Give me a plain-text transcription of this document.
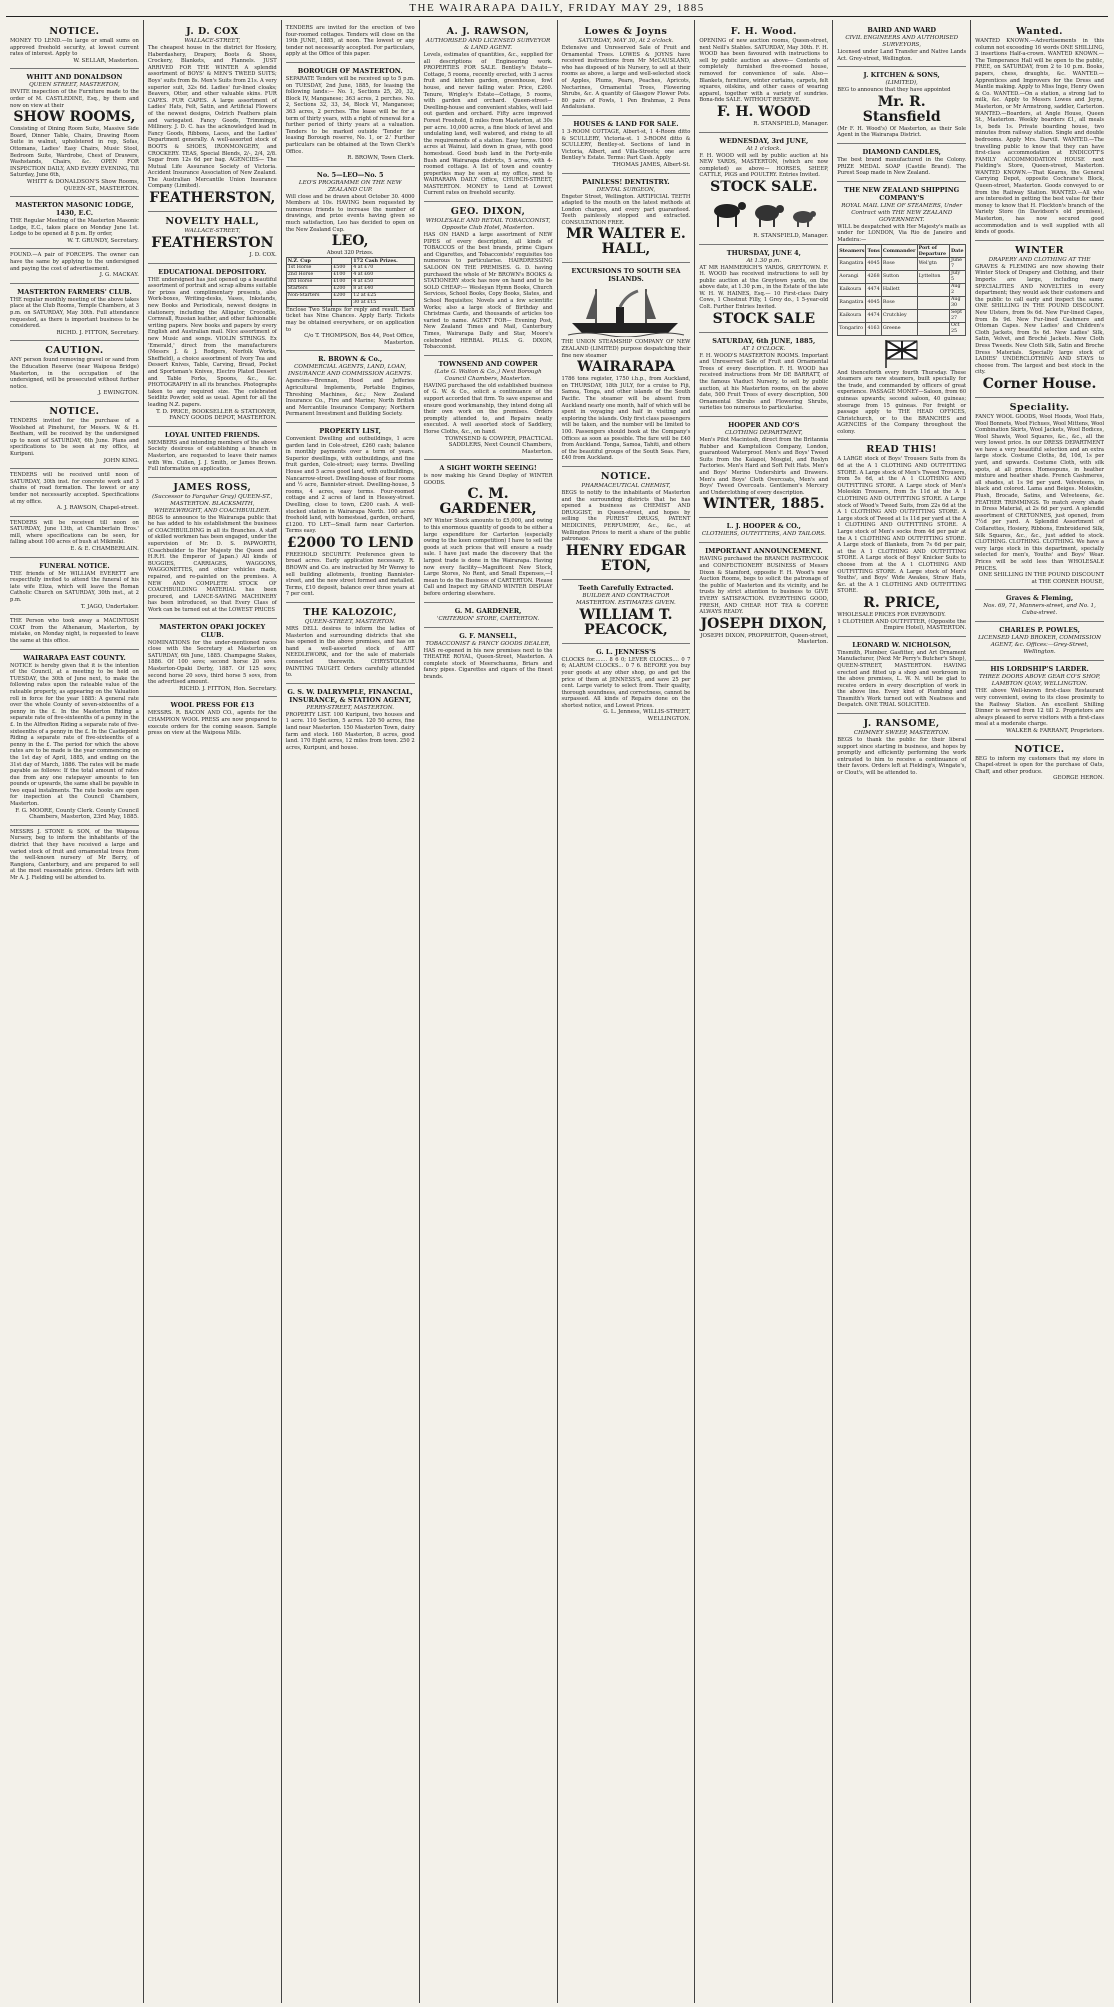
THE WAIRARAPA DAILY, FRIDAY MAY 29, 1885
NOTICE.
MONEY TO LEND.—In large or small sums on approved freehold security, at lowest current rates of interest. Apply to
W. SELLAR, Masterton.
WHITT AND DONALDSON
QUEEN STREET, MASTERTON,
INVITE inspection of the Furniture made to the order of M. CASTLEDINE, Esq., by them and now on view at their
SHOW ROOMS,
Consisting of Dining Room Suite, Massive Side Board, Dinner Table, Chairs, Drawing Room Suite in walnut, upholstered in rep, Sofas, Ottomans, Ladies' Easy Chairs, Music Stool, Bedroom Suite, Wardrobe, Chest of Drawers, Washstands, Chairs, &c. OPEN FOR INSPECTION DAILY, AND EVERY EVENING, Till Saturday, June 6th,
WHITT & DONALDSON'S Show Rooms, QUEEN-ST., MASTERTON.
MASTERTON MASONIC LODGE, 1430, E.C.
THE Regular Meeting of the Masterton Masonic Lodge, E.C., takes place on Monday June 1st. Lodge to be opened at 8 p.m. By order,
W. T. GRUNDY, Secretary.
FOUND.—A pair of FORCEPS. The owner can have the same by applying to the undersigned and paying the cost of advertisement.
J. G. MACKAY.
MASTERTON FARMERS' CLUB.
THE regular monthly meeting of the above takes place at the Club Rooms, Temple Chambers, at 3 p.m. on SATURDAY, May 30th. Full attendance requested, as there is important business to be considered.
RICHD. J. FITTON, Secretary.
CAUTION.
ANY person found removing gravel or sand from the Education Reserve (near Waipoua Bridge) Masterton, in the occupation of the undersigned, will be prosecuted without further notice.
J. EWINGTON.
NOTICE.
TENDERS invited for the purchase of a Woolshed at Pinehurst, for Messrs. W. & H. Beetham, will be received by the undersigned up to noon of SATURDAY, 6th June. Plans and specifications to be seen at my office, at Kuripuni.
JOHN KING.
TENDERS will be received until noon of SATURDAY, 30th inst. for concrete work and 3 chains of road formation. The lowest or any tender not necessarily accepted. Specifications at my office.
A. J. RAWSON, Chapel-street.
TENDERS will be received till noon on SATURDAY, June 13th, at Chamberlain Bros.' mill, where specifications can be seen, for falling about 100 acres of bush at Mikimiki.
E. & E. CHAMBERLAIN.
FUNERAL NOTICE.
THE friends of Mr WILLIAM EVERETT are respectfully invited to attend the funeral of his late wife Eliza, which will leave the Roman Catholic Church on SATURDAY, 30th inst., at 2 p.m.
T. JAGO, Undertaker.
THE Person who took away a MACINTOSH COAT from the Athenæum, Masterton, by mistake, on Monday night, is requested to leave the same at this office.
WAIRARAPA EAST COUNTY.
NOTICE is hereby given that it is the intention of the Council, at a meeting to be held on TUESDAY, the 30th of June next, to make the following rates upon the rateable value of the rateable property, as appearing on the Valuation roll in force for the year 1885: A general rate over the whole County of seven-sixteenths of a penny in the £. In the Masterton Riding a separate rate of five-sixteenths of a penny in the £. In the Alfredton Riding a separate rate of five-sixteenths of a penny in the £. In the Castlepoint Riding a separate rate of five-sixteenths of a penny in the £. The period for which the above rates are to be made is the year commencing on the 1st day of April, 1885, and ending on the 31st day of March, 1886. The rates will be made payable as follows: If the total amount of rates due from any one ratepayer amounts to ten pounds or upwards, the same shall be payable in two equal instalments. The rate books are open for inspection at the Council Chambers, Masterton.
F. G. MOORE, County Clerk. County Council Chambers, Masterton, 23rd May, 1885.
MESSRS J. STONE & SON, of the Waipoua Nursery, beg to inform the inhabitants of the district that they have received a large and varied stock of fruit and ornamental trees from the well-known nursery of Mr Berry, of Rangiora, Canterbury, and are prepared to sell at the most reasonable prices. Orders left with Mr A. J. Fielding will be attended to.
J. D. COX
WALLACE-STREET,
The cheapest house in the district for Hosiery, Haberdashery, Drapery, Boots & Shoes, Crockery, Blankets, and Flannels. JUST ARRIVED FOR THE WINTER A splendid assortment of BOYS' & MEN'S TWEED SUITS; Boys' suits from 8s. Men's Suits from 21s. A very superior suit, 32s 6d. Ladies' fur-lined cloaks; Beavers, Otter, and other valuable skins. FUR CAPES. FUR CAPES. A large assortment of Ladies' Hats, Felt, Satin, and Artificial Flowers of the newest designs, Ostrich Feathers plain and variegated. Fancy Goods, Trimmings, Millinery. J. D. C. has the acknowledged lead in Fancy Goods, Ribbons, Laces, and the Ladies' Department generally. A well-assorted stock of BOOTS & SHOES, IRONMONGERY, and CROCKERY. TEAS, Special Blends, 2/-, 2/4, 2/8. Sugar from 12s 6d per bag. AGENCIES— The Mutual Life Assurance Society of Victoria. Accident Insurance Association of New Zealand. The Australian Mercantile Union Insurance Company (Limited).
FEATHERSTON,
NOVELTY HALL,
WALLACE-STREET,
FEATHERSTON
J. D. COX.
EDUCATIONAL DEPOSITORY.
THE undersigned has just opened up a beautiful assortment of portrait and scrap albums suitable for prizes and complimentary presents, also Work-boxes, Writing-desks, Vases, Inkstands, new Books and Periodicals, newest designs in stationery, including the Alligator, Crocodile, Cornwall, Russian leather, and other fashionable writing papers. New books and papers by every English and Australian mail. Nice assortment of new Music and songs. VIOLIN STRINGS. Ex 'Emerald,' direct from the manufacturers (Messrs J. & J. Rodgers, Norfolk Works, Sheffield), a choice assortment of Ivory Tea and Dessert Knives, Table, Carving, Bread, Pocket and Sportsman's Knives, Electro Plated Dessert and Table Forks, Spoons, &c., &c. PHOTOGRAPHY in all its branches. Photographs taken to any required size. The celebrated Seidlitz Powder, sold as usual. Agent for all the leading N.Z. papers.
T. D. PRICE, BOOKSELLER & STATIONER, FANCY GOODS DEPOT, MASTERTON.
LOYAL UNITED FRIENDS.
MEMBERS and intending members of the above Society desirous of establishing a branch in Masterton, are requested to leave their names with Wm. Cullen, J. J. Smith, or James Brown. Full information on application.
JAMES ROSS,
(Successor to Farquhar Gray) QUEEN-ST., MASTERTON. BLACKSMITH, WHEELWRIGHT, AND COACHBUILDER.
BEGS to announce to the Wairarapa public that he has added to his establishment the business of COACHBUILDING in all its Branches. A staff of skilled workmen has been engaged, under the supervision of Mr. D. S. PAPWORTH, (Coachbuilder to Her Majesty the Queen and H.R.H. the Emperor of Japan.) All kinds of BUGGIES, CARRIAGES, WAGGONS, WAGGONETTES, and other vehicles made, repaired, and re-painted on the premises. A NEW AND COMPLETE STOCK OF COACHBUILDING MATERIAL has been procured, and LANCE-SAVING MACHINERY has been introduced, so that Every Class of Work can be turned out at the LOWEST PRICES
MASTERTON OPAKI JOCKEY CLUB.
NOMINATIONS for the under-mentioned races close with the Secretary at Masterton on SATURDAY, 6th June, 1885. Champagne Stakes, 1886. Of 100 sovs; second horse 20 sovs. Masterton-Opaki Derby, 1887. Of 125 sovs; second horse 20 sovs, third horse 5 sovs, from the advertised amount.
RICHD. J. FITTON, Hon. Secretary.
WOOL PRESS FOR £13
MESSRS. R. BACON AND CO., agents for the CHAMPION WOOL PRESS are now prepared to execute orders for the coming season. Sample press on view at the Waipoua Mills.
TENDERS are invited for the erection of two four-roomed cottages. Tenders will close on the 19th JUNE, 1885, at noon. The lowest or any tender not necessarily accepted. For particulars, apply at the Office of this paper.
BOROUGH OF MASTERTON.
SEPARATE Tenders will be received up to 5 p.m. on TUESDAY, 2nd June, 1885, for leasing the following lands:— No. 1, Sections 25, 20, 32, Block IV, Manganese; 363 acres, 2 perches. No. 2, Sections 32, 33, 34, Block VI, Manganese; 363 acres, 2 perches. The lease will be for a term of thirty years, with a right of renewal for a further period of thirty years at a valuation. Tenders to be marked outside 'Tender for leasing Borough reserve, No. 1, or 2.' Further particulars can be obtained at the Town Clerk's Office.
R. BROWN, Town Clerk.
No. 5—LEO—No. 5
LEO'S PROGRAMME ON THE NEW ZEALAND CUP.
Will close and be drawn about October 30. 4000 Members at 10s. HAVING been requested by numerous friends to increase the number of drawings, and prize events having given so much satisfaction, Leo has decided to open on the New Zealand Cup.
LEO,
About 320 Prizes.
N.Z. Cup		172 Cash Prizes.
1st Horse	£500	4 at £70
2nd Horse	£100	4 at £60
3rd Horse	£100	4 at £50
Starters	£200	8 at £40
Non-Starters	£200	12 at £25
		30 at £15
Enclose Two Stamps for reply and result. Each ticket has Nine Chances. Apply Early. Tickets may be obtained everywhere, or on application to
C/o T. THOMPSON, Box 44, Post Office, Masterton.
R. BROWN & Co.,
COMMERCIAL AGENTS, LAND, LOAN, INSURANCE AND COMMISSION AGENTS.
Agencies—Brennan, Hood and Jefferies Agricultural Implements, Portable Engines, Threshing Machines, &c.; New Zealand Insurance Co., Fire and Marine; North British and Mercantile Insurance Company; Northern Permanent Investment and Building Society.
PROPERTY LIST,
Convenient Dwelling and outbuildings, 1 acre garden land in Cole-street, £260 cash; balance in monthly payments over a term of years. Superior dwellings, with outbuildings, and fine fruit garden, Cole-street; easy terms. Dwelling House and 5 acres good land, with outbuildings, Nancarrow-street. Dwelling-house of four rooms and ½ acre, Bannister-street. Dwelling-house, 5 rooms, 4 acres, easy terms. Four-roomed cottage and 2 acres of land in Hessey-street. Dwelling, close to town, £200 cash. A well-stocked station in Wairarapa North. 100 acres freehold land, with homestead, garden, orchard, £1200. TO LET—Small farm near Carterton. Terms easy.
£2000 TO LEND
FREEHOLD SECURITY. Preference given to broad acres. Early application necessary. R. BROWN and Co. are instructed by Mr Wenwy to sell building allotments, fronting Bannister-street, and the new street formed and metalled. Terms, £10 deposit, balance over three years at 7 per cent.
THE KALOZOIC,
QUEEN-STREET, MASTERTON.
MRS DELL desires to inform the ladies of Masterton and surrounding districts that she has opened in the above premises, and has on hand a well-assorted stock of ART NEEDLEWORK, and for the sale of materials connected therewith. CHRYSTOLEUM PAINTING TAUGHT. Orders carefully attended to.
G. S. W. DALRYMPLE, FINANCIAL, INSURANCE, & STATION AGENT,
PERRY-STREET, MASTERTON.
PROPERTY LIST. 100 Kuripuni, two houses and 1 acre. 110 Section, 5 acres. 120 50 acres, fine land near Masterton. 150 Masterton Town, dairy farm and stock. 160 Masterton, 8 acres, good land. 170 Eight acres, 12 miles from town. 250 2 acres, Kuripuni, and house.
A. J. RAWSON,
AUTHORISED AND LICENSED SURVEYOR & LAND AGENT.
Levels, estimates of quantities, &c., supplied for all descriptions of Engineering work. PROPERTIES FOR SALE. Bentley's Estate—Cottage, 5 rooms, recently erected, with 3 acres fruit and kitchen garden, greenhouse, fowl house, and never failing water. Price, £260. Tenure, Wrigley's Estate—Cottage, 5 rooms, with garden and orchard. Queen-street—Dwelling-house and convenient stables, well laid out garden and orchard. Fifty acre improved Forest Freehold, 8 miles from Masterton, at 30s per acre. 10,000 acres, a fine block of level and undulating land, well watered, and rising to all the requirements of a station. Easy terms. 1000 acres at Wainui, laid down in grass, with good homestead. Good bush land in the Forty-mile Bush and Wairarapa districts, 5 acres, with 4-roomed cottage. A list of town and country properties may be seen at my office, next to WAIRARAPA DAILY Office, CHURCH-STREET, MASTERTON. MONEY to Lend at Lowest Current rates on freehold security.
GEO. DIXON,
WHOLESALE AND RETAIL TOBACCONIST, Opposite Club Hotel, Masterton.
HAS ON HAND a large assortment of NEW PIPES of every description, all kinds of TOBACCOS of the best brands, prime Cigars and Cigarettes, and Tobacconists' requisites too numerous to particularise. HAIRDRESSING SALOON ON THE PREMISES. G. D. having purchased the whole of Mr BROWN's BOOKS & STATIONERY stock has now on hand and to be SOLD CHEAP:— Wesleyan Hymn Books, Church Services, School Books, Copy Books, Slates, and School Requisites; Novels and a few scientific Works; also a large stock of Birthday and Christmas Cards, and thousands of articles too varied to name. AGENT FOR— Evening Post, New Zealand Times and Mail, Canterbury Times, Wairarapa Daily and Star, Moore's celebrated HERBAL PILLS. G. DIXON, Tobacconist.
TOWNSEND AND COWPER
(Late G. Walton & Co.,) Next Borough Council Chambers, Masterton.
HAVING purchased the old established business of G. W. & Co., solicit a continuance of the support accorded that firm. To save expense and ensure good workmanship, they intend doing all their own work on the premises. Orders promptly attended to, and Repairs neatly executed. A well assorted stock of Saddlery, Horse Cloths, &c., on hand.
TOWNSEND & COWPER, PRACTICAL SADDLERS, Next Council Chambers, Masterton.
A SIGHT WORTH SEEING!
is now making his Grand Display of WINTER GOODS.
C. M. GARDENER,
MY Winter Stock amounts to £5,000, and owing to this enormous quantity of goods to be either a large expenditure for Carterton (especially owing to the keen competition) I have to sell the goods at such prices that will ensure a ready sale. I have just made the discovery that the largest trade is done in the Wairarapa. Having now every facility—Magnificent New Stock, Large Stores, No Rent, and Small Expenses,—I mean to do the Business of CARTERTON. Please Call and Inspect my GRAND WINTER DISPLAY before ordering elsewhere.
G. M. GARDENER,
'CRITERION' STORE, CARTERTON.
G. F. MANSELL,
TOBACCONIST & FANCY GOODS DEALER,
HAS re-opened in his new premises next to the THEATRE ROYAL, Queen-Street, Masterton. A complete stock of Meerschaums, Briars and fancy pipes. Cigarettes and cigars of the finest brands.
Lowes & Joyns
SATURDAY, MAY 30, At 2 o'clock.
Extensive and Unreserved Sale of Fruit and Ornamental Trees. LOWES & JOYNS have received instructions from Mr McCAUSLAND, who has disposed of his Nursery, to sell at their rooms as above, a large and well-selected stock of Apples, Plums, Pears, Peaches, Apricots, Nectarines, Ornamental Trees, Flowering Shrubs, &c. A quantity of Glasgow Flower Pots. 80 pairs of Fowls, 1 Pen Brahmas, 2 Pens Andalusians.
HOUSES & LAND FOR SALE.
1 3-ROOM COTTAGE, Albert-st, 1 4-Room ditto & SCULLERY, Victoria-st. 1 3-ROOM ditto & SCULLERY, Bentley-st. Sections of land in Victoria, Albert, and Villa-Streets; one acre Bentley's Estate. Terms: Part Cash. Apply
THOMAS JAMES, Albert-St.
PAINLESS! DENTISTRY.
DENTAL SURGEON,
Engeter Street, Wellington. ARTIFICIAL TEETH adapted to the mouth on the latest methods at London charges, and every part guaranteed. Teeth painlessly stopped and extracted. CONSULTATION FREE.
MR WALTER E. HALL,
EXCURSIONS TO SOUTH SEA ISLANDS.
THE UNION STEAMSHIP COMPANY OF NEW ZEALAND (LIMITED) purpose despatching their fine new steamer
WAIRARAPA
1786 tons register, 1750 i.h.p., from Auckland, on THURSDAY, 18th JULY, for a cruise to Fiji, Samoa, Tonga, and other islands of the South Pacific. The steamer will be absent from Auckland nearly one month, half of which will be spent in voyaging and half in visiting and exploring the islands. Only first class passengers will be taken, and the number will be limited to 100. Passengers should book at the Company's Offices as soon as possible. The fare will be £40 from Auckland. Tonga, Samoa, Tahiti, and others of the beautiful groups of the South Seas. Fare, £40 from Auckland.
NOTICE.
PHARMACEUTICAL CHEMIST,
BEGS to notify to the inhabitants of Masterton and the surrounding districts that he has opened a business as CHEMIST AND DRUGGIST, in Queen-street, and hopes by selling the PUREST DRUGS, PATENT MEDICINES, PERFUMERY, &c., &c., at Wellington Prices to merit a share of the public patronage.
HENRY EDGAR ETON,
Teeth Carefully Extracted.
BUILDER AND CONTRACTOR MASTERTON. ESTIMATES GIVEN.
WILLIAM T. PEACOCK,
G. L. JENNESS'S
CLOCKS for........ 8 6 0; LEVER CLOCKS.... 0 7 6; ALARUM CLOCKS... 0 7 6. BEFORE you buy your goods at any other shop, go and get the price of them at JENNESS'S, and save 25 per cent. Large variety to select from. Their quality, thorough soundness, and correctness, cannot be surpassed. All kinds of Repairs done on the shortest notice, and Lowest Prices.
G. L. Jenness, WILLIS-STREET, WELLINGTON.
F. H. Wood.
OPENING of new auction rooms, Queen-street, next Neill's Stables. SATURDAY, May 30th. F. H. WOOD has been favoured with instructions to sell by public auction as above— Contents of completely furnished five-roomed house, removed for convenience of sale. Also— Blankets, furniture, winter curtains, carpets, felt squares, oilskins, and other cases of wearing apparel, together with a variety of sundries. Bona-fide SALE. WITHOUT RESERVE.
F. H. WOOD
R. STANSFIELD, Manager.
WEDNESDAY, 3rd JUNE,
At 1 o'clock.
F. H. WOOD will sell by public auction at his NEW YARDS, MASTERTON, (which are now completed) as above— HORSES, SHEEP, CATTLE, PIGS and POULTRY. Entries Invited.
STOCK SALE.
R. STANSFIELD, Manager.
THURSDAY, JUNE 4,
At 1.30 p.m.
AT MR HAMMERICH'S YARDS, GREYTOWN. F. H. WOOD has received instructions to sell by public auction at the Greytown yards, on the above date, at 1.30 p.m., in the Estate of the late W. H. W. HAINES, Esq.— 10 First-class Dairy Cows, 1 Chestnut Filly, 1 Grey do., 1 5-year-old Colt. Further Entries Invited.
STOCK SALE
SATURDAY, 6th JUNE, 1885,
AT 1 O'CLOCK.
F. H. WOOD'S MASTERTON ROOMS. Important and Unreserved Sale of Fruit and Ornamental Trees of every description. F. H. WOOD has received instructions from Mr DE BARRATT, of the famous Viaduct Nursery, to sell by public auction, at his Masterton rooms, on the above date, 500 Fruit Trees of every description, 500 Ornamental Shrubs and Flowering Shrubs, varieties too numerous to particularise.
HOOPER AND CO'S
CLOTHING DEPARTMENT,
Men's Pilot Macintosh, direct from the Britannia Rubber and Kamptulicon Company, London, guaranteed Waterproof. Men's and Boys' Tweed Suits from the Kaiapoi, Mosgiel, and Roslyn Factories. Men's Hard and Soft Felt Hats. Men's and Boys' Merino Undershirts and Drawers. Men's and Boys' Cloth Overcoats, Men's and Boys' Tweed Overcoats. Gentlemen's Mercery and Underclothing of every description.
WINTER, 1885.
L. J. HOOPER & CO.,
CLOTHIERS, OUTFITTERS, AND TAILORS.
IMPORTANT ANNOUNCEMENT.
HAVING purchased the BRANCH PASTRYCOOK and CONFECTIONERY BUSINESS of Messrs Dixon & Stamford, opposite F. H. Wood's new Auction Rooms, begs to solicit the patronage of the public of Masterton and its vicinity, and he trusts by strict attention to business to GIVE EVERY SATISFACTION. EVERYTHING GOOD, FRESH, AND CHEAP. HOT TEA & COFFEE ALWAYS READY.
JOSEPH DIXON,
JOSEPH DIXON, PROPRIETOR, Queen-street, Masterton.
BAIRD AND WARD
CIVIL ENGINEERS AND AUTHORISED SURVEYORS,
Licensed under Land Transfer and Native Lands Act. Grey-street, Wellington.
J. KITCHEN & SONS,
(LIMITED),
BEG to announce that they have appointed
Mr. R. Stansfield
(Mr F. H. Wood's) Of Masterton, as their Sole Agent in the Wairarapa District.
DIAMOND CANDLES,
The best brand manufactured in the Colony. PRIZE MEDAL SOAP (Castile Brand). The Purest Soap made in New Zealand.
THE NEW ZEALAND SHIPPING COMPANY'S
ROYAL MAIL LINE OF STEAMERS, Under Contract with THE NEW ZEALAND GOVERNMENT.
WILL be despatched with Her Majesty's mails as under for LONDON, Via Rio de Janeiro and Madeira:—
Steamers	Tons	Commander	Port of Departure	Date
Rangatira	4045	Rose	Wel'gtn	June 7
Aorangi	4268	Sutton	Lyttelton	July 5
Kaikoura	4474	Hallett		Aug 2
Rangatira	4045	Rose		Aug 30
Kaikoura	4474	Crutchley		Sept 27
Tongariro	4163	Greene		Oct 25
And thenceforth every fourth Thursday. These steamers are new steamers, built specially for the trade, and commanded by officers of great experience. PASSAGE MONEY—Saloon, from 60 guineas upwards; second saloon, 40 guineas; steerage from 15 guineas. For freight or passage apply to THE HEAD OFFICES, Christchurch, or to the BRANCHES and AGENCIES of the Company throughout the colony.
READ THIS!
A LARGE stock of Boys' Trousers Suits from 8s 6d at the A 1 CLOTHING AND OUTFITTING STORE. A Large stock of Men's Tweed Trousers, from 5s 6d, at the A 1 CLOTHING AND OUTFITTING STORE. A Large stock of Men's Moleskin Trousers, from 5s 11d at the A 1 CLOTHING AND OUTFITTING STORE. A Large stock of Wood's Tweed Suits, from 22s 6d at the A 1 CLOTHING AND OUTFITTING STORE. A Large stock of Tweed at 1s 11d per yard at the A 1 CLOTHING AND OUTFITTING STORE. A Large stock of Men's socks from 4d per pair at the A 1 CLOTHING AND OUTFITTING STORE. A Large stock of Blankets, from 7s 6d per pair, at the A 1 CLOTHING AND OUTFITTING STORE. A Large stock of Boys' Knicker Suits to choose from at the A 1 CLOTHING AND OUTFITTING STORE. A Large stock of Men's Youths', and Boys' Wide Awakes, Straw Hats, &c. at the A 1 CLOTHING AND OUTFITTING STORE.
R. PRICE,
WHOLESALE PRICES FOR EVERYBODY.
1 CLOTHIER AND OUTFITTER, (Opposite the Empire Hotel), MASTERTON.
LEONARD W. NICHOLSON,
Tinsmith, Plumber, Gasfitter, and Art Ornament Manufacturer, (Next Mr Perry's Butcher's Shop), QUEEN-STREET, MASTERTON. HAVING erected and fitted up a shop and workroom in the above premises, L. W. N. will be glad to receive orders in every description of work in the above line. Every kind of Plumbing and Tinsmith's Work turned out with Neatness and Despatch. ONE TRIAL SOLICITED.
J. RANSOME,
CHIMNEY SWEEP, MASTERTON.
BEGS to thank the public for their liberal support since starting in business, and hopes by promptly and efficiently performing the work entrusted to him to receive a continuance of their favors. Orders left at Fielding's, Wingate's, or Clout's, will be attended to.
Wanted.
WANTED KNOWN.—Advertisements in this column not exceeding 16 words ONE SHILLING, 3 insertions Half-a-crown. WANTED KNOWN.—The Temperance Hall will be open to the public, FREE, on SATURDAY, from 2 to 10 p.m. Books, papers, chess, draughts, &c. WANTED.—Apprentices and Improvers for the Dress and Mantle making. Apply to Miss Inge, Henry Owen & Co. WANTED.—On a station, a strong lad to milk, &c. Apply to Messrs Lowes and Joyns, Masterton, or Mr Armstrong, saddler, Carterton. WANTED.—Boarders, at Angle House, Queen St., Masterton. Weekly boarders £1, all meals 1s, beds 1s. Private boarding house, two minutes from railway station. Single and double bedrooms. Apply Mrs. Darvill. WANTED.—The travelling public to know that they can have first-class accommodation at ENDICOTT'S FAMILY ACCOMMODATION HOUSE next Fielding's Store, Queen-street, Masterton. WANTED KNOWN.—That Kearns, the General Carrying Depot, opposite Cochrane's Block, Queen-street, Masterton. Goods conveyed to or from the Railway Station. WANTED.—All who are interested in getting the best value for their money to know that H. Fleckton's branch of the Variety Store (in Davidson's old premises), Masterton, has now secured good accommodation and is well supplied with all kinds of goods.
WINTER
DRAPERY AND CLOTHING AT THE
GRAVES & FLEMING are now showing their Winter Stock of Drapery and Clothing, and their Imports are large, including many SPECIALITIES AND NOVELTIES in every department; they would ask their customers and the public to call early and inspect the same. ONE SHILLING IN THE POUND DISCOUNT. New Ulsters, from 9s 6d. New Fur-lined Capes, from 8s 9d. New Fur-lined Cashmere and Ottoman Capes. New Ladies' and Children's Cloth Jackets, from 5s 6d. New Ladies' Silk, Satin, Velvet, and Broché Jackets. New Cloth Dress Tweeds. New Cloth Silk, Satin and Broche Dress Materials. Specially large stock of LADIES' UNDERCLOTHING AND STAYS to choose from. The largest and best stock in the city.
Corner House.
Speciality.
FANCY WOOL GOODS, Wool Hoods, Wool Hats, Wool Bonnets, Wool Fichues, Wool Mittens, Wool Combination Skirts, Wool Jackets, Wool Bodices, Wool Shawls, Wool Squares, &c., &c., all the very lowest price. In our DRESS DEPARTMENT we have a very beautiful selection and an extra large stock. Costume Cloths, 8d, 10d, 1s per yard, and upwards. Costume Cloth, with silk spots, at all prices. Homespuns, in heather mixture and heather shade. French Cashmeres, all shades, at 1s 9d per yard. Velveteens, in black and colored. Lama and Beiges. Moleskin, Plush, Brocade, Satins, and Velveteens, &c. FEATHER TRIMMINGS. To match every shade in Dress Material, at 2s 6d per yard. A splendid assortment of CRETONNES, just opened, from 7½d per yard. A Splendid Assortment of Collarettes, Hosiery, Ribbons, Embroidered Silk, Silk Squares, &c., &c., just added to stock. CLOTHING. CLOTHING. CLOTHING. We have a very large stock in this department, specially selected for men's, Youths' and Boys' Wear. Prices will be sold less than WHOLESALE PRICES.
ONE SHILLING IN THE POUND DISCOUNT at THE CORNER HOUSE,
Graves & Fleming,
Nos. 69, 71, Manners-street, and No. 1, Cuba-street.
CHARLES P. POWLES,
LICENSED LAND BROKER, COMMISSION AGENT, &c. Offices:—Grey-Street, Wellington.
HIS LORDSHIP'S LARDER.
THREE DOORS ABOVE GEAR CO'S SHOP, LAMBTON QUAY, WELLINGTON.
THE above Well-known first-class Restaurant very convenient, owing to its close proximity to the Railway Station. An excellent Shilling Dinner is served from 12 till 2. Proprietors are always pleased to serve visitors with a first-class meal at a moderate charge.
WALKER & FARRANT, Proprietors.
NOTICE.
BEG to inform my customers that my store in Chapel-street is open for the purchase of Oats, Chaff, and other produce.
GEORGE HERON.
